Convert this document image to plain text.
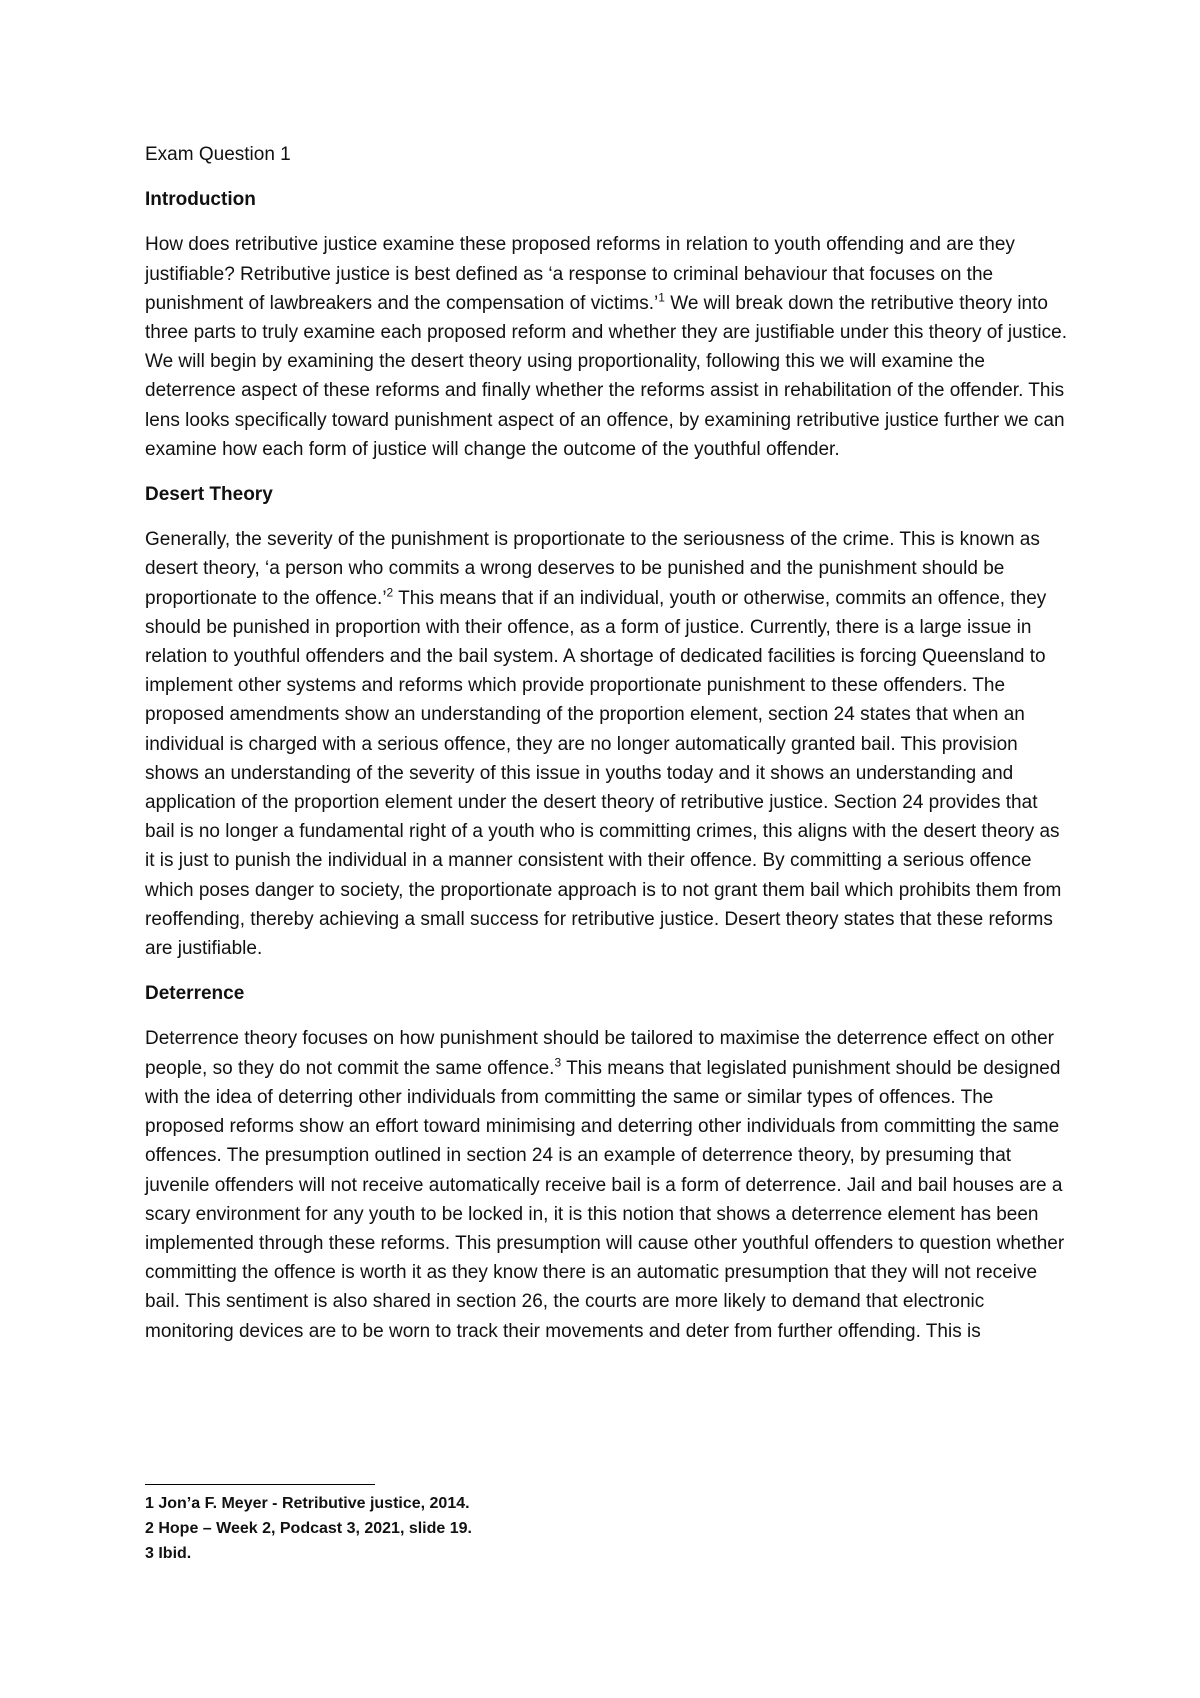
Exam Question 1

Introduction

How does retributive justice examine these proposed reforms in relation to youth offending and are they justifiable? Retributive justice is best defined as ‘a response to criminal behaviour that focuses on the punishment of lawbreakers and the compensation of victims.’$^1$ We will break down the retributive theory into three parts to truly examine each proposed reform and whether they are justifiable under this theory of justice. We will begin by examining the desert theory using proportionality, following this we will examine the deterrence aspect of these reforms and finally whether the reforms assist in rehabilitation of the offender. This lens looks specifically toward punishment aspect of an offence, by examining retributive justice further we can examine how each form of justice will change the outcome of the youthful offender.

Desert Theory

Generally, the severity of the punishment is proportionate to the seriousness of the crime. This is known as desert theory, ‘a person who commits a wrong deserves to be punished and the punishment should be proportionate to the offence.’$^2$ This means that if an individual, youth or otherwise, commits an offence, they should be punished in proportion with their offence, as a form of justice. Currently, there is a large issue in relation to youthful offenders and the bail system. A shortage of dedicated facilities is forcing Queensland to implement other systems and reforms which provide proportionate punishment to these offenders. The proposed amendments show an understanding of the proportion element, section 24 states that when an individual is charged with a serious offence, they are no longer automatically granted bail. This provision shows an understanding of the severity of this issue in youths today and it shows an understanding and application of the proportion element under the desert theory of retributive justice. Section 24 provides that bail is no longer a fundamental right of a youth who is committing crimes, this aligns with the desert theory as it is just to punish the individual in a manner consistent with their offence. By committing a serious offence which poses danger to society, the proportionate approach is to not grant them bail which prohibits them from reoffending, thereby achieving a small success for retributive justice. Desert theory states that these reforms are justifiable.

Deterrence

Deterrence theory focuses on how punishment should be tailored to maximise the deterrence effect on other people, so they do not commit the same offence.$^3$ This means that legislated punishment should be designed with the idea of deterring other individuals from committing the same or similar types of offences. The proposed reforms show an effort toward minimising and deterring other individuals from committing the same offences. The presumption outlined in section 24 is an example of deterrence theory, by presuming that juvenile offenders will not receive automatically receive bail is a form of deterrence. Jail and bail houses are a scary environment for any youth to be locked in, it is this notion that shows a deterrence element has been implemented through these reforms. This presumption will cause other youthful offenders to question whether committing the offence is worth it as they know there is an automatic presumption that they will not receive bail. This sentiment is also shared in section 26, the courts are more likely to demand that electronic monitoring devices are to be worn to track their movements and deter from further offending. This is

1 Jon’a F. Meyer - Retributive justice, 2014.

2 Hope – Week 2, Podcast 3, 2021, slide 19.

3 Ibid.
